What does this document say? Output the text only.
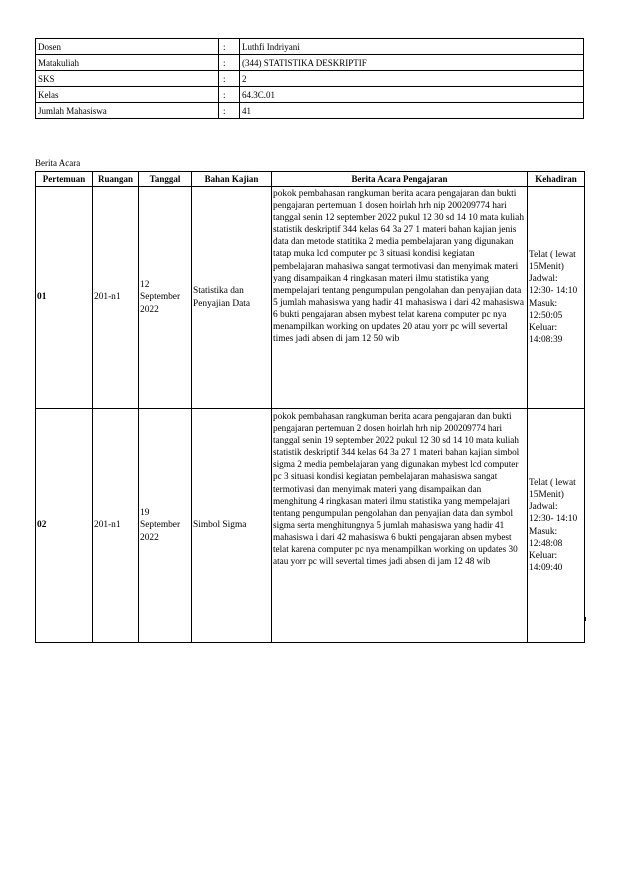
Dosen	:	Luthfi Indriyani
Matakuliah	:	(344) STATISTIKA DESKRIPTIF
SKS	:	2
Kelas	:	64.3C.01
Jumlah Mahasiswa	:	41
Berita Acara
Pertemuan	Ruangan	Tanggal	Bahan Kajian	Berita Acara Pengajaran	Kehadiran
01	201-n1	12 September 2022	Statistika dan Penyajian Data	pokok pembahasan rangkuman berita acara pengajaran dan bukti pengajaran pertemuan 1 dosen hoirlah hrh nip 200209774 hari tanggal senin 12 september 2022 pukul 12 30 sd 14 10 mata kuliah statistik deskriptif 344 kelas 64 3a 27 1 materi bahan kajian jenis data dan metode statitika 2 media pembelajaran yang digunakan tatap muka lcd computer pc 3 situasi kondisi kegiatan pembelajaran mahasiwa sangat termotivasi dan menyimak materi yang disampaikan 4 ringkasan materi ilmu statistika yang mempelajari tentang pengumpulan pengolahan dan penyajian data 5 jumlah mahasiswa yang hadir 41 mahasiswa i dari 42 mahasiswa 6 bukti pengajaran absen mybest telat karena computer pc nya menampilkan working on updates 20 atau yorr pc will severtal times jadi absen di jam 12 50 wib	Telat ( lewat 15Menit) Jadwal: 12:30- 14:10 Masuk: 12:50:05 Keluar: 14:08:39
02	201-n1	19 September 2022	Simbol Sigma	pokok pembahasan rangkuman berita acara pengajaran dan bukti pengajaran pertemuan 2 dosen hoirlah hrh nip 200209774 hari tanggal senin 19 september 2022 pukul 12 30 sd 14 10 mata kuliah statistik deskriptif 344 kelas 64 3a 27 1 materi bahan kajian simbol sigma 2 media pembelajaran yang digunakan mybest lcd computer pc 3 situasi kondisi kegiatan pembelajaran mahasiswa sangat termotivasi dan menyimak materi yang disampaikan dan menghitung 4 ringkasan materi ilmu statistika yang mempelajari tentang pengumpulan pengolahan dan penyajian data dan symbol sigma serta menghitungnya 5 jumlah mahasiswa yang hadir 41 mahasiswa i dari 42 mahasiswa 6 bukti pengajaran absen mybest telat karena computer pc nya menampilkan working on updates 30 atau yorr pc will severtal times jadi absen di jam 12 48 wib	Telat ( lewat 15Menit) Jadwal: 12:30- 14:10 Masuk: 12:48:08 Keluar: 14:09:40
